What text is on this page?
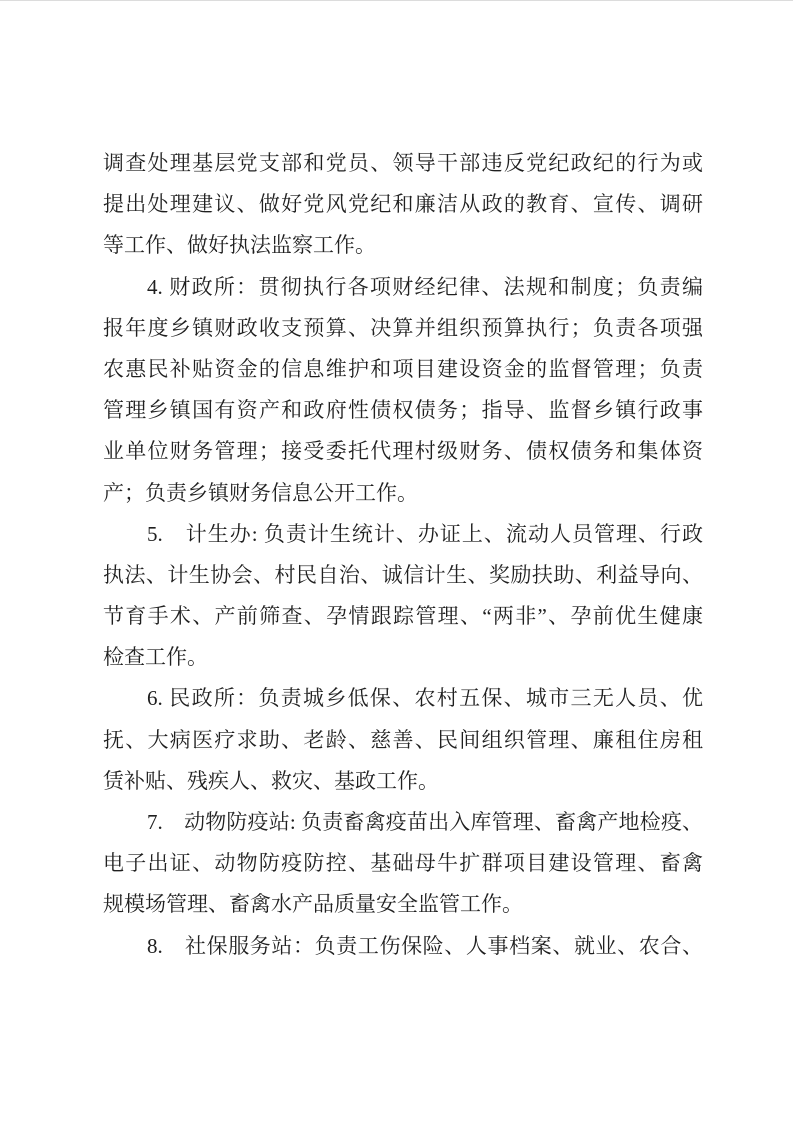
调查处理基层党支部和党员、领导干部违反党纪政纪的行为或
提出处理建议、做好党风党纪和廉洁从政的教育、宣传、调研
等工作、做好执法监察工作。
4. 财政所：贯彻执行各项财经纪律、法规和制度；负责编
报年度乡镇财政收支预算、决算并组织预算执行；负责各项强
农惠民补贴资金的信息维护和项目建设资金的监督管理；负责
管理乡镇国有资产和政府性债权债务；指导、监督乡镇行政事
业单位财务管理；接受委托代理村级财务、债权债务和集体资
产；负责乡镇财务信息公开工作。
5.　计生办: 负责计生统计、办证上、流动人员管理、行政
执法、计生协会、村民自治、诚信计生、奖励扶助、利益导向、
节育手术、产前筛查、孕情跟踪管理、“两非”、孕前优生健康
检查工作。
6. 民政所：负责城乡低保、农村五保、城市三无人员、优
抚、大病医疗求助、老龄、慈善、民间组织管理、廉租住房租
赁补贴、残疾人、救灾、基政工作。
7.　动物防疫站: 负责畜禽疫苗出入库管理、畜禽产地检疫、
电子出证、动物防疫防控、基础母牛扩群项目建设管理、畜禽
规模场管理、畜禽水产品质量安全监管工作。
8.　社保服务站：负责工伤保险、人事档案、就业、农合、
